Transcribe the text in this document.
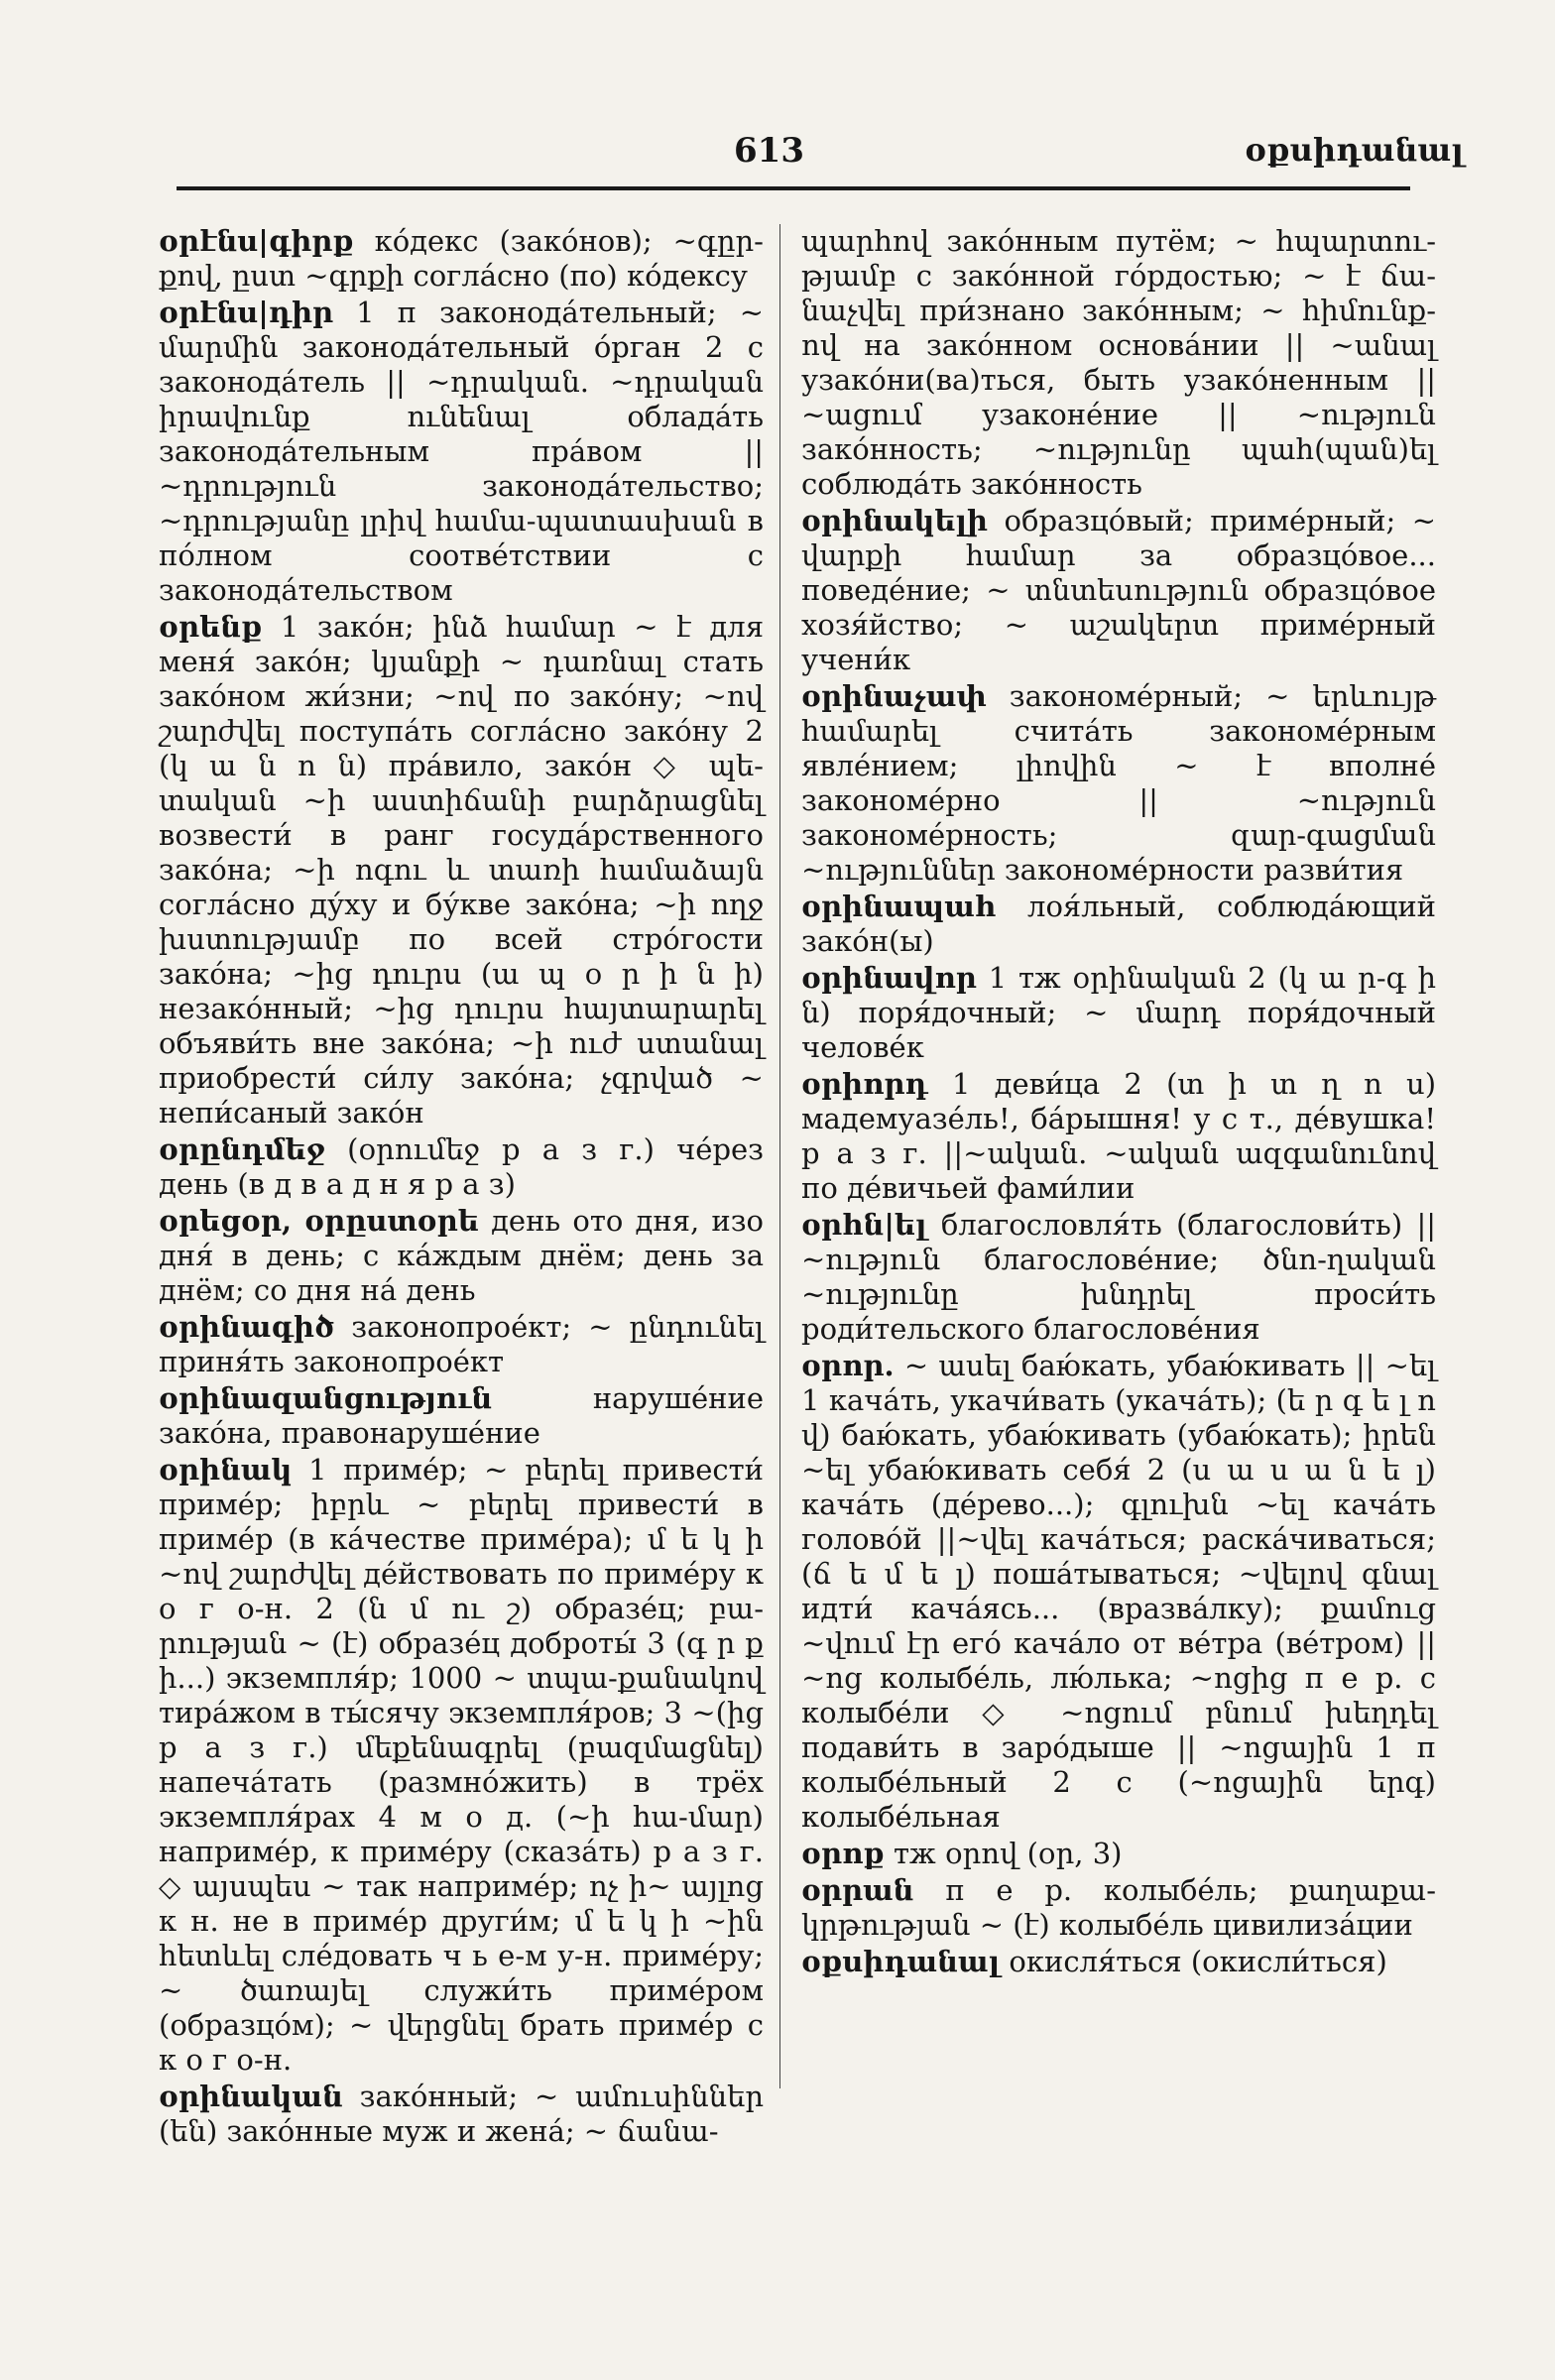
613	օքսիդանալ

օրէնս|գիրք ко́декс (зако́нов); ~գըր-քով, ըստ ~գրքի согла́сно (по) ко́дексу

օրէնս|դիր 1 п законода́тельный; ~ մարմին законода́тельный о́рган 2 с законода́тель || ~դրական. ~դրական իրավունք ունենալ облада́ть законода́тельным пра́вом || ~դրություն законода́тельство; ~դրությանը լրիվ համա-պատասխան в по́лном соотве́тствии с законода́тельством

օրենք 1 зако́н; ինձ համար ~ է для меня́ зако́н; կյանքի ~ դառնալ стать зако́ном жи́зни; ~ով по зако́ну; ~ով շարժվել поступа́ть согла́сно зако́ну 2 (կ ա ն ո ն) пра́вило, зако́н ◇ պե-տական ~ի աստիճանի բարձրացնել возвести́ в ранг госуда́рственного зако́на; ~ի ոգու և տառի համաձայն согла́сно ду́ху и бу́кве зако́на; ~ի ողջ խստությամբ по всей стро́гости зако́на; ~ից դուրս (ա պ օ ր ի ն ի) незако́нный; ~ից դուրս հայտարարել объяви́ть вне зако́на; ~ի ուժ ստանալ приобрести́ си́лу зако́на; չգրված ~ непи́саный зако́н

օրընդմեջ (օրումեջ р а з г.) че́рез день (в д в а д н я р а з)

օրեցօր, օրըստօրե день ото дня, изо дня́ в день; с ка́ждым днём; день за днём; со дня на́ день

օրինագիծ законопрое́кт; ~ ընդունել приня́ть законопрое́кт

օրինազանցություն	наруше́ние зако́на, правонаруше́ние

օրինակ 1 приме́р; ~ բերել привести́ приме́р; իբրև ~ բերել привести́ в приме́р (в ка́честве приме́ра); մ ե կ ի ~ով շարժվել де́йствовать по приме́ру к о г о-н. 2 (ն մ ու շ) образе́ц; բա-րության ~ (է) образе́ц доброты́ 3 (գ ր ք ի...) экземпля́р; 1000 ~ տպա-քանակով тира́жом в ты́сячу экземпля́ров; 3 ~(ից р а з г.) մեքենագրել (բազմացնել) напеча́тать (размно́жить) в трёх экземпля́рах 4 м о д. (~ի հա-մար) наприме́р, к приме́ру (сказа́ть) р а з г. ◇ այսպես ~ так наприме́р; ոչ ի~ այլոց к н. не в приме́р други́м; մ ե կ ի ~ին հետևել сле́довать ч ь е-м у-н. приме́ру; ~ ծառայել служи́ть приме́ром (образцо́м); ~ վերցնել брать приме́р с к о г о-н.

օրինական зако́нный; ~ ամուսիններ (են) зако́нные муж и жена́; ~ ճանա-

պարհով зако́нным путём; ~ հպարտու-թյամբ с зако́нной го́рдостью; ~ է ճա-նաչվել при́знано зако́нным; ~ հիմունք-ով на зако́нном основа́нии || ~անալ узако́ни(ва)ться, быть узако́ненным || ~ացում узаконе́ние || ~ություն зако́нность; ~ությունը պահ(պան)ել соблюда́ть зако́нность

օրինակելի образцо́вый; приме́рный; ~ վարքի համար за образцо́вое... поведе́ние; ~ տնտեսություն образцо́вое хозя́йство; ~ աշակերտ приме́рный учени́к

օրինաչափ закономе́рный; ~ երևույթ համարել счита́ть закономе́рным явле́нием; լիովին ~ է вполне́ закономе́рно || ~ություն закономе́рность; զար-գացման ~ություններ закономе́рности разви́тия

օրինապահ лоя́льный, соблюда́ющий зако́н(ы)

օրինավոր 1 тж օրինական 2 (կ ա ր-գ ի ն) поря́дочный; ~ մարդ поря́дочный челове́к

օրիորդ 1 деви́ца 2 (տ ի տ ղ ո ս) мадемуазе́ль!, ба́рышня! у с т., де́вушка! р а з г. ||~ական. ~ական ազգանունով по де́вичьей фами́лии

օրհն|ել благословля́ть (благослови́ть) || ~ություն благослове́ние; ծնո-ղական ~ությունը խնդրել проси́ть роди́тельского благослове́ния

օրոր. ~ ասել баю́кать, убаю́кивать || ~ել 1 кача́ть, укачи́вать (укача́ть); (ե ր գ ե լ ո վ) баю́кать, убаю́кивать (убаю́кать); իրեն ~ել убаю́кивать себя́ 2 (ս ա ս ա ն ե լ) кача́ть (де́рево...); գլուխն ~ել кача́ть голово́й ||~վել кача́ться; раска́чиваться; (ճ ե մ ե լ) поша́тываться; ~վելով գնալ идти́ кача́ясь... (вразва́лку); քամուց ~վում էր его́ кача́ло от ве́тра (ве́тром) || ~ոց колыбе́ль, лю́лька; ~ոցից п е р. с колыбе́ли ◇ ~ոցում բնում խեղդել подави́ть в заро́дыше || ~ոցային 1 п колыбе́льный 2 с (~ոցային երգ) колыбе́льная

օրոք тж օրով (օր, 3)

օրրան п е р. колыбе́ль; քաղաքա-կրթության ~ (է) колыбе́ль цивилиза́ции

օքսիդանալ окисля́ться (окисли́ться)
